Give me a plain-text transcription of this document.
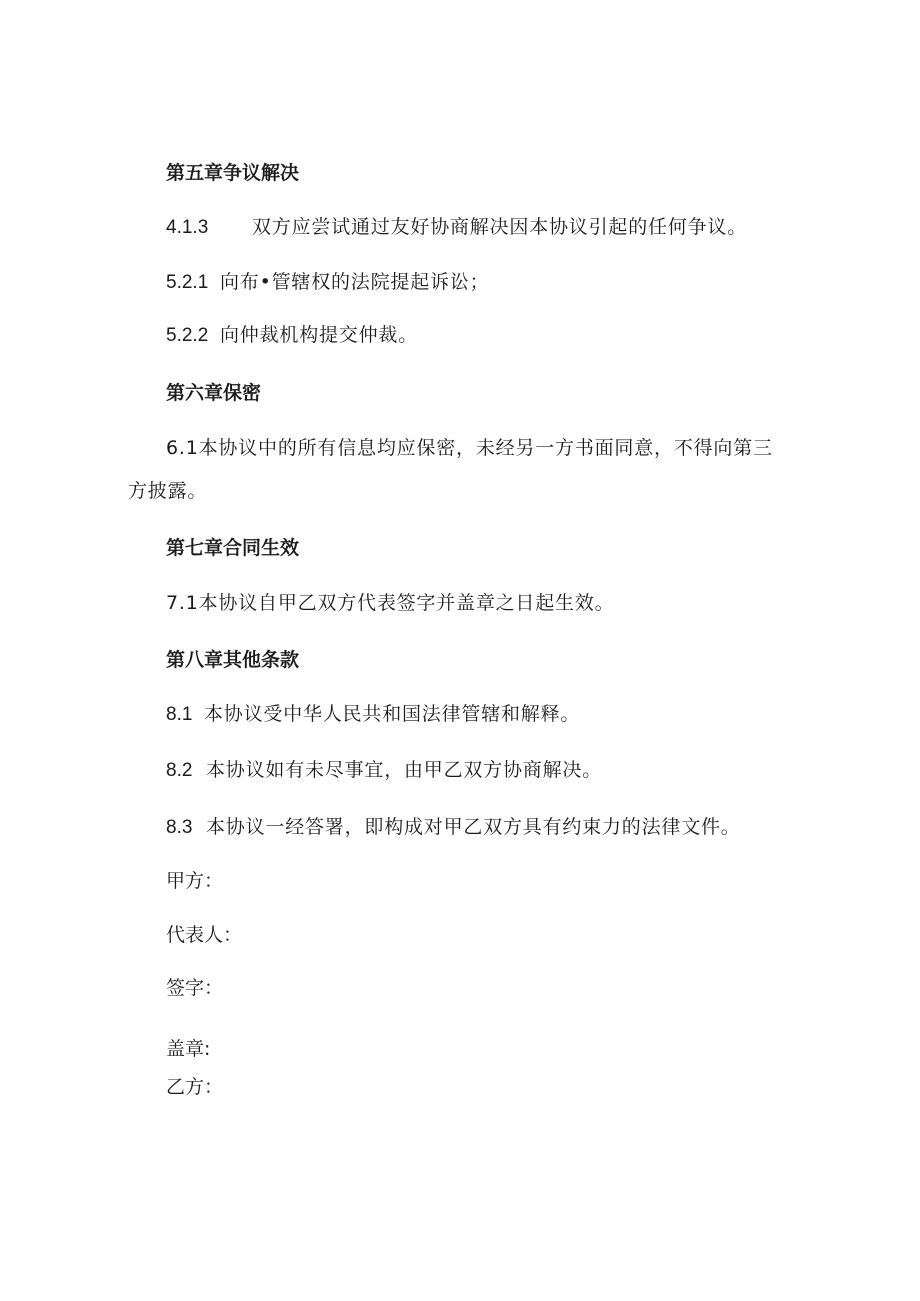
第五章争议解决
4.1.3 双方应尝试通过友好协商解决因本协议引起的任何争议。
5.2.1 向布•管辖权的法院提起诉讼；
5.2.2 向仲裁机构提交仲裁。
第六章保密
6.1本协议中的所有信息均应保密，未经另一方书面同意，不得向第三
方披露。
第七章合同生效
7.1本协议自甲乙双方代表签字并盖章之日起生效。
第八章其他条款
8.1 本协议受中华人民共和国法律管辖和解释。
8.2 本协议如有未尽事宜，由甲乙双方协商解决。
8.3 本协议一经答署，即构成对甲乙双方具有约束力的法律文件。
甲方：
代表人：
签字：
盖章:
乙方：
